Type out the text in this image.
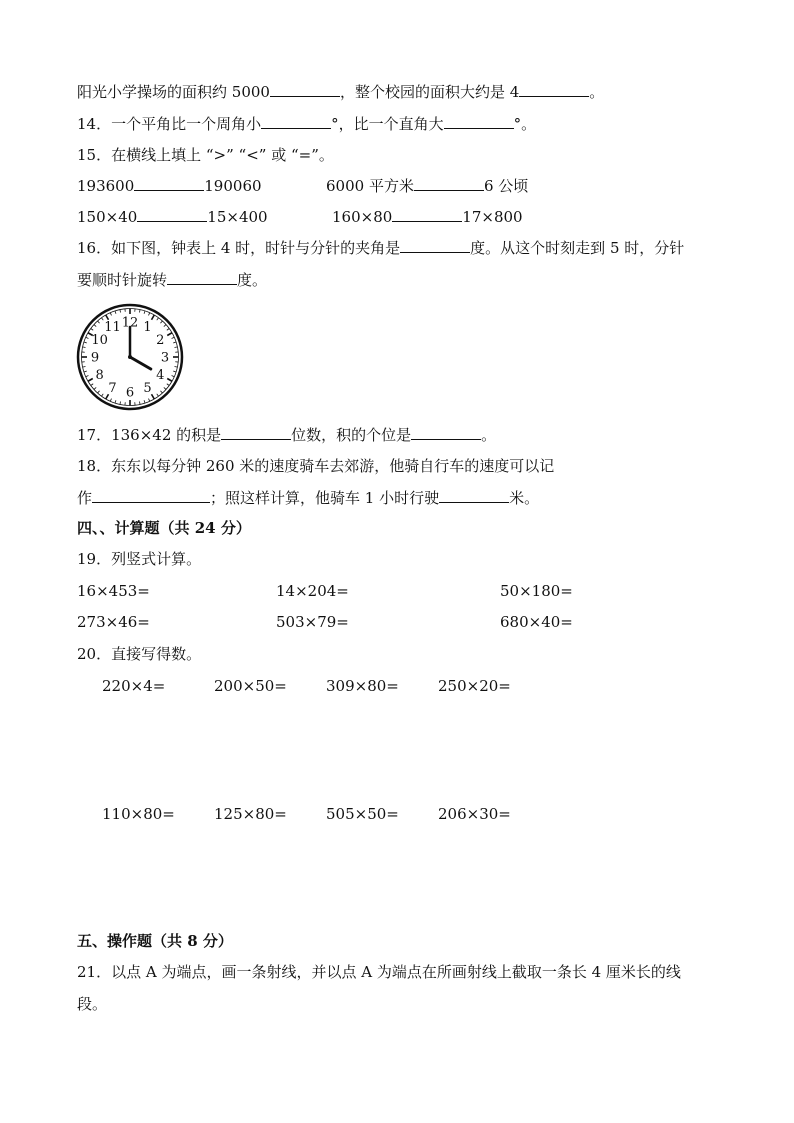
阳光小学操场的面积约 5000	，整个校园的面积大约是 4	。
14．一个平角比一个周角小	°，比一个直角大	°。
15．在横线上填上 “>” “<” 或 “=”。
193600	190060	6000 平方米	6 公顷
150×40	15×400	160×80	17×800
16．如下图，钟表上 4 时，时针与分针的夹角是	度。从这个时刻走到 5 时，分针
要顺时针旋转	度。
12 1
2
3
4
5
6
7
8
9
10
11
17．136×42 的积是	位数，积的个位是	。
18．东东以每分钟 260 米的速度骑车去郊游，他骑自行车的速度可以记
作	；照这样计算，他骑车 1 小时行驶	米。
四、、计算题（共 24 分）
19．列竖式计算。
16×453=	14×204=	50×180=
273×46=	503×79=	680×40=
20．直接写得数。
220×4=	200×50=	309×80=	250×20=
110×80=	125×80=	505×50=	206×30=
五、操作题（共 8 分）
21．以点 A 为端点，画一条射线，并以点 A 为端点在所画射线上截取一条长 4 厘米长的线
段。
